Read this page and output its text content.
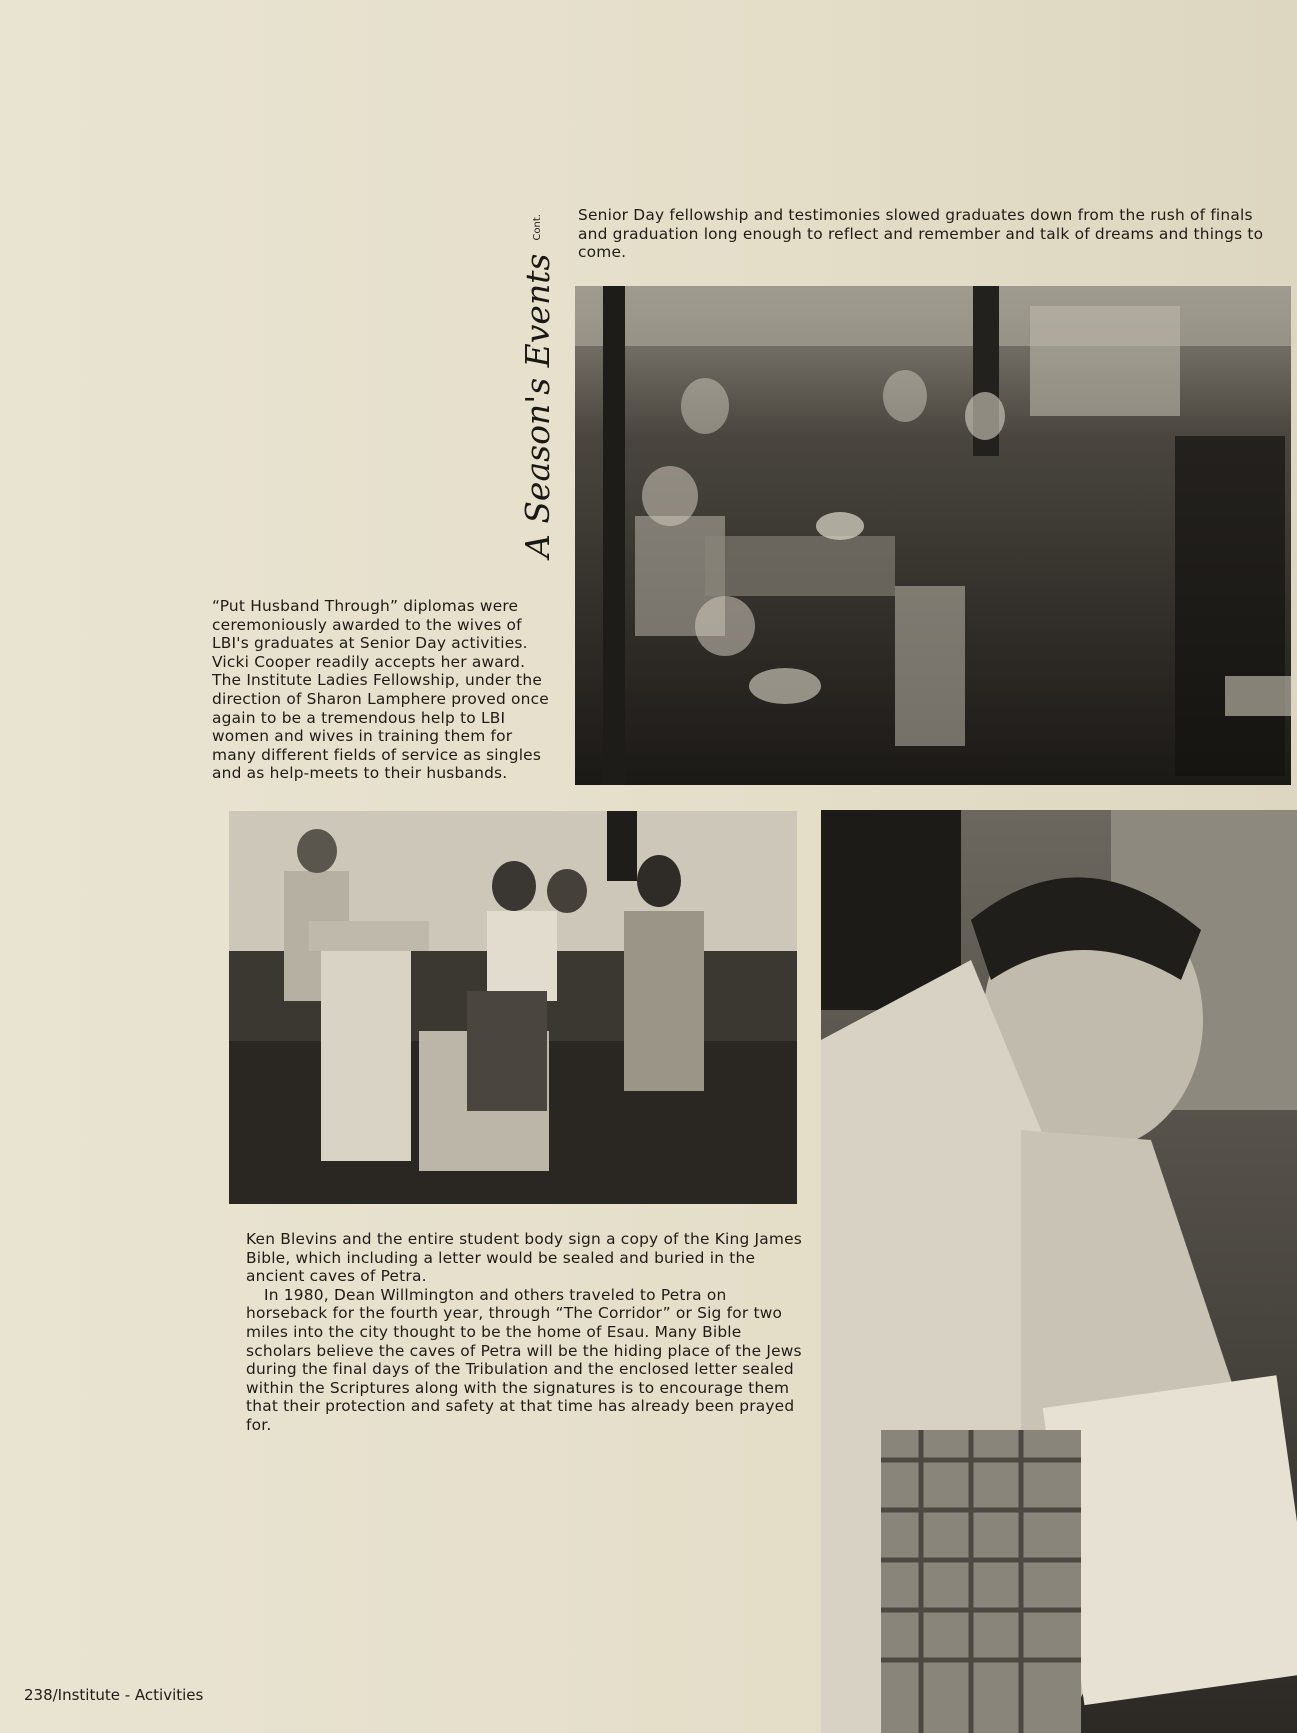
A Season's Events
Cont. Senior Day fellowship and testimonies slowed graduates down from the rush of finals and graduation long enough to reflect and remember and talk of dreams and things to come.

“Put Husband Through” diplomas were ceremoniously awarded to the wives of LBI's graduates at Senior Day activities. Vicki Cooper readily accepts her award. The Institute Ladies Fellowship, under the direction of Sharon Lamphere proved once again to be a tremendous help to LBI women and wives in training them for many different fields of service as singles and as help-meets to their husbands.

Ken Blevins and the entire student body sign a copy of the King James Bible, which including a letter would be sealed and buried in the ancient caves of Petra.

In 1980, Dean Willmington and others traveled to Petra on horseback for the fourth year, through “The Corridor” or Sig for two miles into the city thought to be the home of Esau. Many Bible scholars believe the caves of Petra will be the hiding place of the Jews during the final days of the Tribulation and the enclosed letter sealed within the Scriptures along with the signatures is to encourage them that their protection and safety at that time has already been prayed for.

238/Institute - Activities
